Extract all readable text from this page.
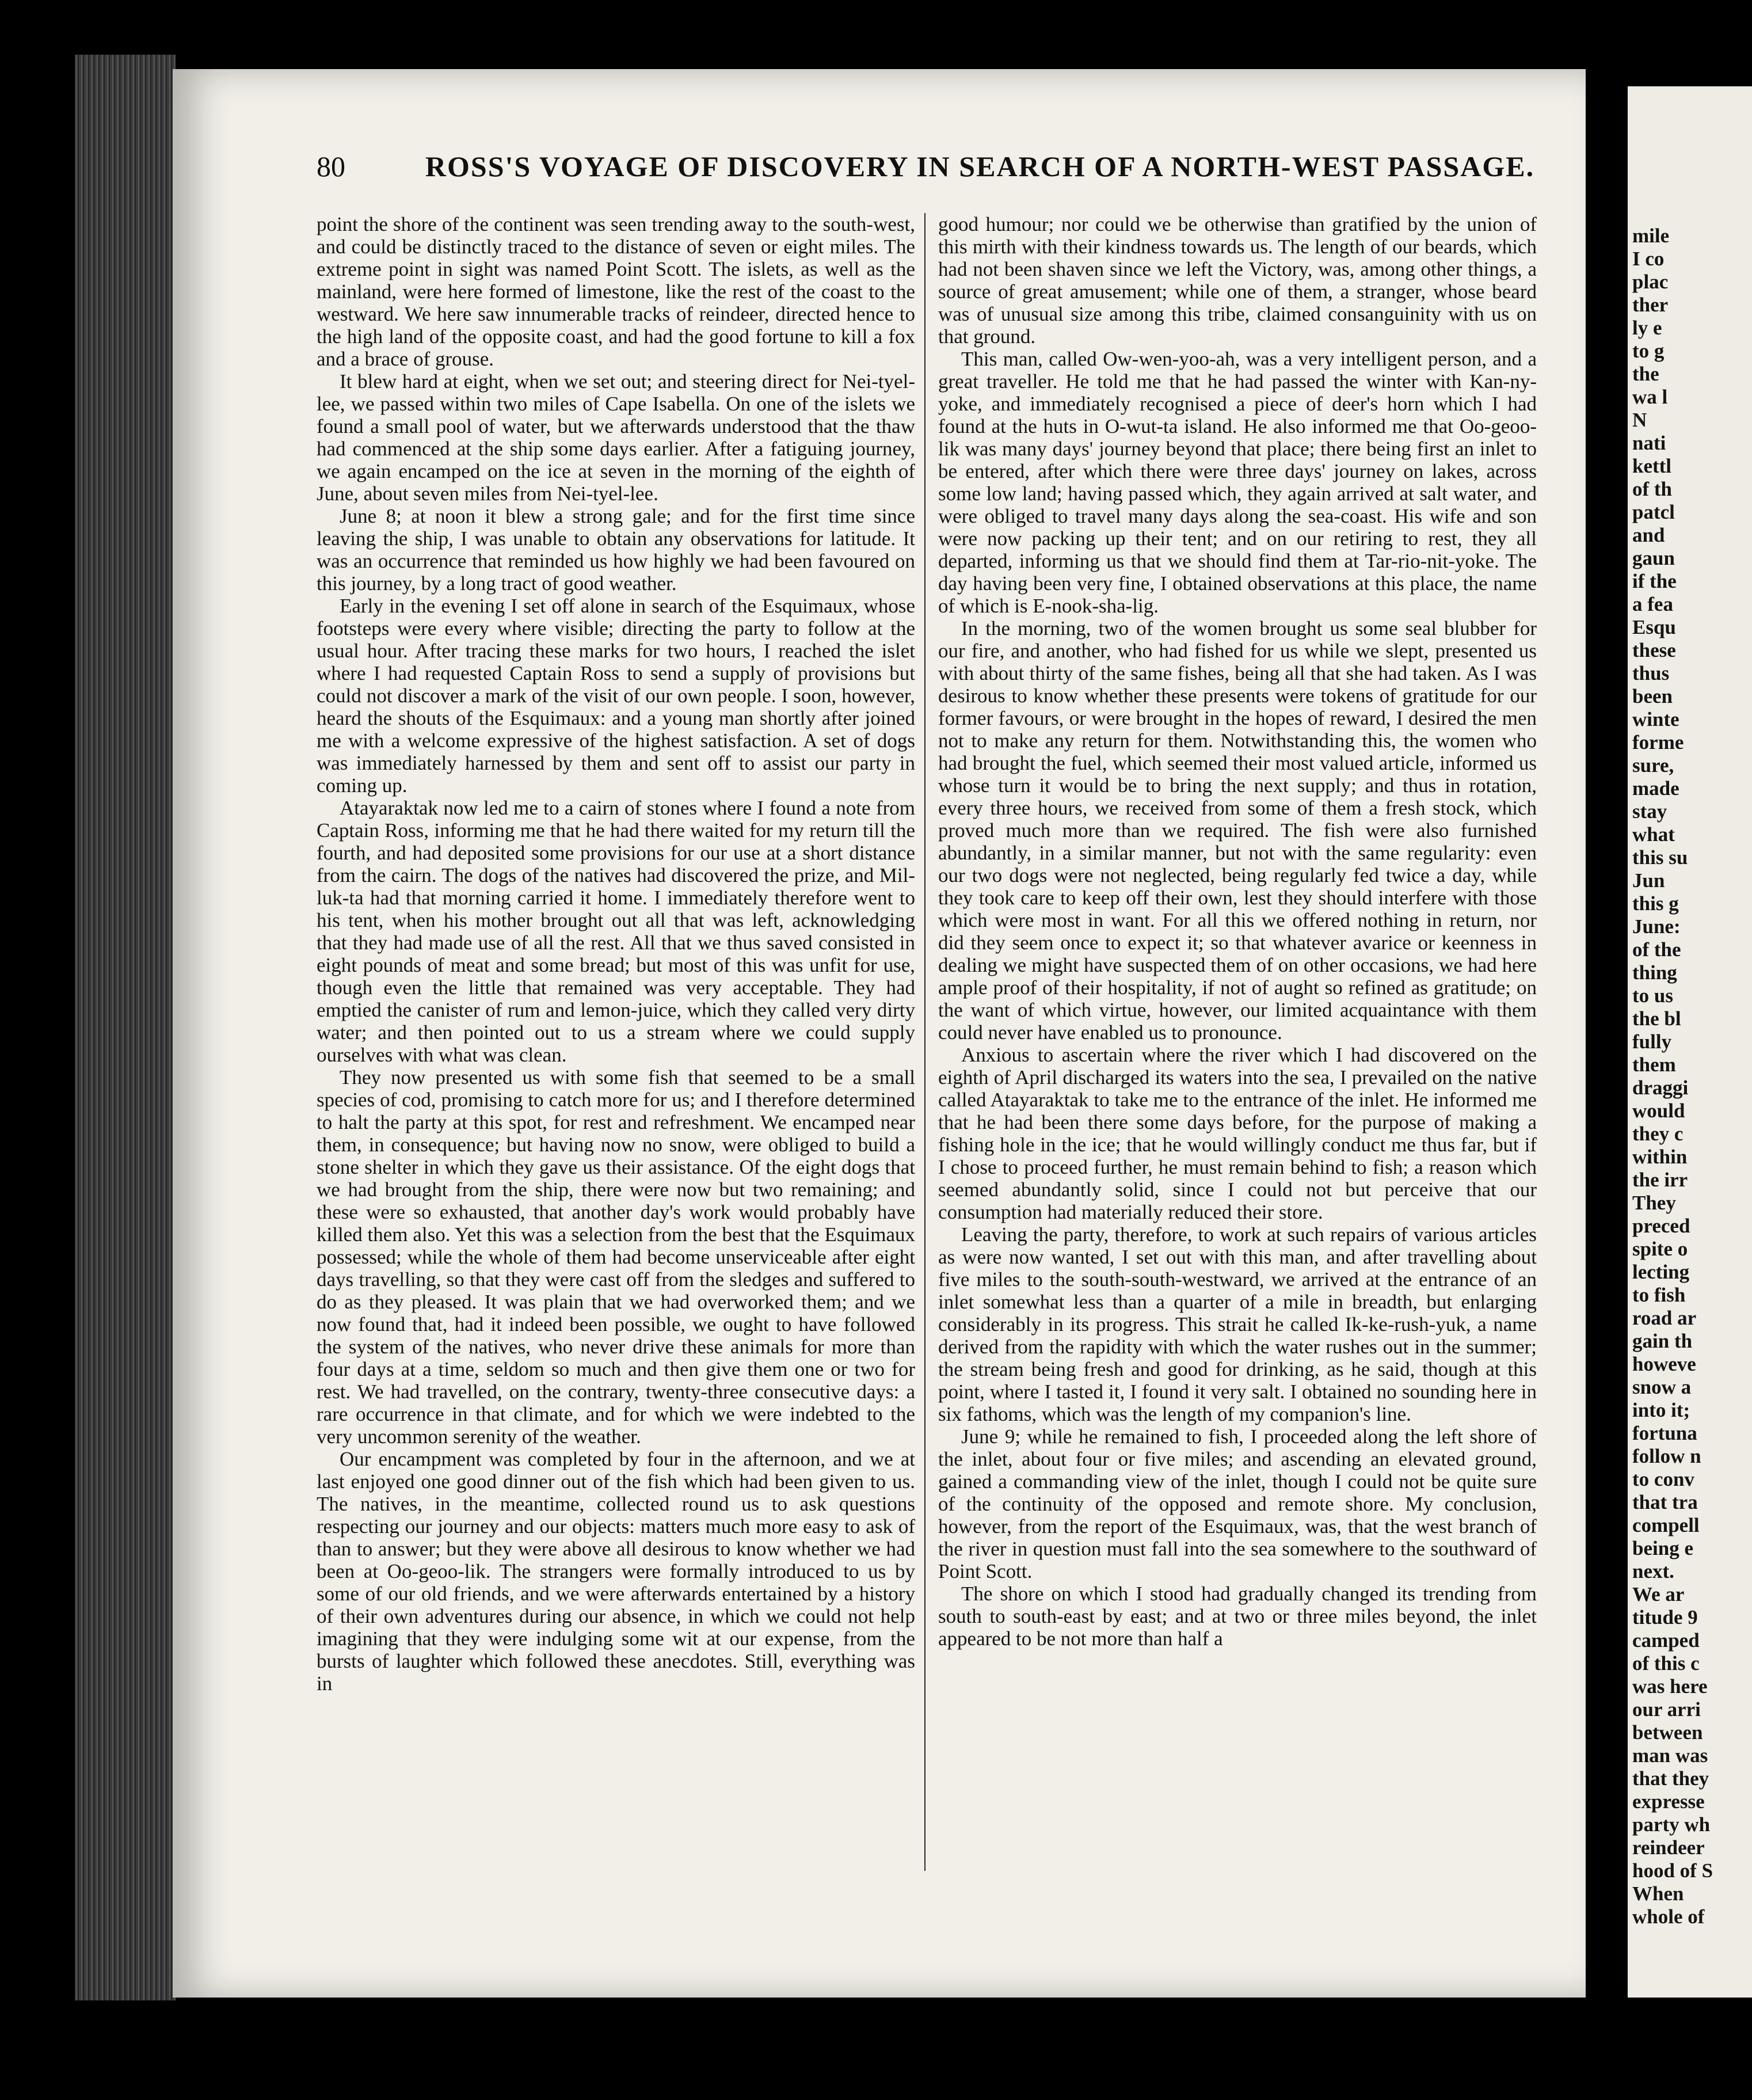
80	ROSS'S VOYAGE OF DISCOVERY IN SEARCH OF A NORTH-WEST PASSAGE.

point the shore of the continent was seen trending away to the south-west, and could be distinctly traced to the distance of seven or eight miles. The extreme point in sight was named Point Scott. The islets, as well as the mainland, were here formed of limestone, like the rest of the coast to the westward. We here saw innumerable tracks of reindeer, directed hence to the high land of the opposite coast, and had the good fortune to kill a fox and a brace of grouse.

It blew hard at eight, when we set out; and steering direct for Nei-tyel-lee, we passed within two miles of Cape Isabella. On one of the islets we found a small pool of water, but we afterwards understood that the thaw had commenced at the ship some days earlier. After a fatiguing journey, we again encamped on the ice at seven in the morning of the eighth of June, about seven miles from Nei-tyel-lee.

June 8; at noon it blew a strong gale; and for the first time since leaving the ship, I was unable to obtain any observations for latitude. It was an occurrence that reminded us how highly we had been favoured on this journey, by a long tract of good weather.

Early in the evening I set off alone in search of the Esquimaux, whose footsteps were every where visible; directing the party to follow at the usual hour. After tracing these marks for two hours, I reached the islet where I had requested Captain Ross to send a supply of provisions but could not discover a mark of the visit of our own people. I soon, however, heard the shouts of the Esquimaux: and a young man shortly after joined me with a welcome expressive of the highest satisfaction. A set of dogs was immediately harnessed by them and sent off to assist our party in coming up.

Atayaraktak now led me to a cairn of stones where I found a note from Captain Ross, informing me that he had there waited for my return till the fourth, and had deposited some provisions for our use at a short distance from the cairn. The dogs of the natives had discovered the prize, and Mil-luk-ta had that morning carried it home. I immediately therefore went to his tent, when his mother brought out all that was left, acknowledging that they had made use of all the rest. All that we thus saved consisted in eight pounds of meat and some bread; but most of this was unfit for use, though even the little that remained was very acceptable. They had emptied the canister of rum and lemon-juice, which they called very dirty water; and then pointed out to us a stream where we could supply ourselves with what was clean.

They now presented us with some fish that seemed to be a small species of cod, promising to catch more for us; and I therefore determined to halt the party at this spot, for rest and refreshment. We encamped near them, in consequence; but having now no snow, were obliged to build a stone shelter in which they gave us their assistance. Of the eight dogs that we had brought from the ship, there were now but two remaining; and these were so exhausted, that another day's work would probably have killed them also. Yet this was a selection from the best that the Esquimaux possessed; while the whole of them had become unserviceable after eight days travelling, so that they were cast off from the sledges and suffered to do as they pleased. It was plain that we had overworked them; and we now found that, had it indeed been possible, we ought to have followed the system of the natives, who never drive these animals for more than four days at a time, seldom so much and then give them one or two for rest. We had travelled, on the contrary, twenty-three consecutive days: a rare occurrence in that climate, and for which we were indebted to the very uncommon serenity of the weather.

Our encampment was completed by four in the afternoon, and we at last enjoyed one good dinner out of the fish which had been given to us. The natives, in the meantime, collected round us to ask questions respecting our journey and our objects: matters much more easy to ask of than to answer; but they were above all desirous to know whether we had been at Oo-geoo-lik. The strangers were formally introduced to us by some of our old friends, and we were afterwards entertained by a history of their own adventures during our absence, in which we could not help imagining that they were indulging some wit at our expense, from the bursts of laughter which followed these anecdotes. Still, everything was in

good humour; nor could we be otherwise than gratified by the union of this mirth with their kindness towards us. The length of our beards, which had not been shaven since we left the Victory, was, among other things, a source of great amusement; while one of them, a stranger, whose beard was of unusual size among this tribe, claimed consanguinity with us on that ground.

This man, called Ow-wen-yoo-ah, was a very intelligent person, and a great traveller. He told me that he had passed the winter with Kan-ny-yoke, and immediately recognised a piece of deer's horn which I had found at the huts in O-wut-ta island. He also informed me that Oo-geoo-lik was many days' journey beyond that place; there being first an inlet to be entered, after which there were three days' journey on lakes, across some low land; having passed which, they again arrived at salt water, and were obliged to travel many days along the sea-coast. His wife and son were now packing up their tent; and on our retiring to rest, they all departed, informing us that we should find them at Tar-rio-nit-yoke. The day having been very fine, I obtained observations at this place, the name of which is E-nook-sha-lig.

In the morning, two of the women brought us some seal blubber for our fire, and another, who had fished for us while we slept, presented us with about thirty of the same fishes, being all that she had taken. As I was desirous to know whether these presents were tokens of gratitude for our former favours, or were brought in the hopes of reward, I desired the men not to make any return for them. Notwithstanding this, the women who had brought the fuel, which seemed their most valued article, informed us whose turn it would be to bring the next supply; and thus in rotation, every three hours, we received from some of them a fresh stock, which proved much more than we required. The fish were also furnished abundantly, in a similar manner, but not with the same regularity: even our two dogs were not neglected, being regularly fed twice a day, while they took care to keep off their own, lest they should interfere with those which were most in want. For all this we offered nothing in return, nor did they seem once to expect it; so that whatever avarice or keenness in dealing we might have suspected them of on other occasions, we had here ample proof of their hospitality, if not of aught so refined as gratitude; on the want of which virtue, however, our limited acquaintance with them could never have enabled us to pronounce.

Anxious to ascertain where the river which I had discovered on the eighth of April discharged its waters into the sea, I prevailed on the native called Atayaraktak to take me to the entrance of the inlet. He informed me that he had been there some days before, for the purpose of making a fishing hole in the ice; that he would willingly conduct me thus far, but if I chose to proceed further, he must remain behind to fish; a reason which seemed abundantly solid, since I could not but perceive that our consumption had materially reduced their store.

Leaving the party, therefore, to work at such repairs of various articles as were now wanted, I set out with this man, and after travelling about five miles to the south-south-westward, we arrived at the entrance of an inlet somewhat less than a quarter of a mile in breadth, but enlarging considerably in its progress. This strait he called Ik-ke-rush-yuk, a name derived from the rapidity with which the water rushes out in the summer; the stream being fresh and good for drinking, as he said, though at this point, where I tasted it, I found it very salt. I obtained no sounding here in six fathoms, which was the length of my companion's line.

June 9; while he remained to fish, I proceeded along the left shore of the inlet, about four or five miles; and ascending an elevated ground, gained a commanding view of the inlet, though I could not be quite sure of the continuity of the opposed and remote shore. My conclusion, however, from the report of the Esquimaux, was, that the west branch of the river in question must fall into the sea somewhere to the southward of Point Scott.

The shore on which I stood had gradually changed its trending from south to south-east by east; and at two or three miles beyond, the inlet appeared to be not more than half a

mile
I co
plac
ther
ly e
to g
the
wa l
N
nati
kettl
of th
patcl
and
gaun
if the
a fea
Esqu
these
thus
been
winte
forme
sure,
made
stay
what
this su
Jun
this g
June:
of the
thing
to us
the bl
fully
them
draggi
would
they c
within
the irr
They
preced
spite o
lecting
to fish
road ar
gain th
howeve
snow a
into it;
fortuna
follow n
to conv
that tra
compell
being e
next.
We ar
titude 9
camped
of this c
was here
our arri
between
man was
that they
expresse
party wh
reindeer
hood of S
When
whole of
